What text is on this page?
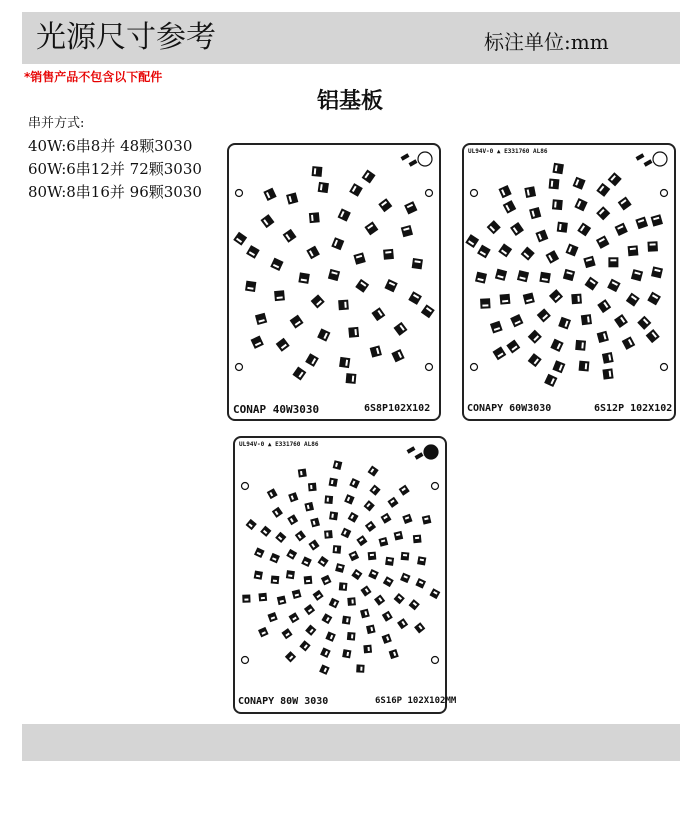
光源尺寸参考	标注单位:mm
*销售产品不包含以下配件
铝基板
串并方式:
40W:6串8并 48颗3030
60W:6串12并 72颗3030
80W:8串16并 96颗3030
CONAP 40W3030	6S8P102X102
UL94V-0 ▲ E331760 AL86
CONAPY 60W3030	6S12P 102X102
UL94V-0 ▲ E331760 AL86
CONAPY 80W 3030	6S16P 102X102MM
